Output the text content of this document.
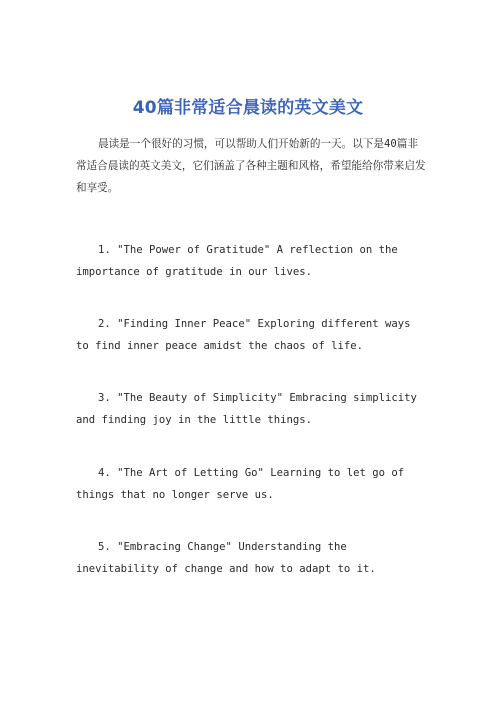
40篇非常适合晨读的英文美文

晨读是一个很好的习惯，可以帮助人们开始新的一天。以下是40篇非常适合晨读的英文美文，它们涵盖了各种主题和风格，希望能给你带来启发和享受。

1. "The Power of Gratitude" A reflection on the importance of gratitude in our lives.

2. "Finding Inner Peace" Exploring different ways to find inner peace amidst the chaos of life.

3. "The Beauty of Simplicity" Embracing simplicity and finding joy in the little things.

4. "The Art of Letting Go" Learning to let go of things that no longer serve us.

5. "Embracing Change" Understanding the inevitability of change and how to adapt to it.
